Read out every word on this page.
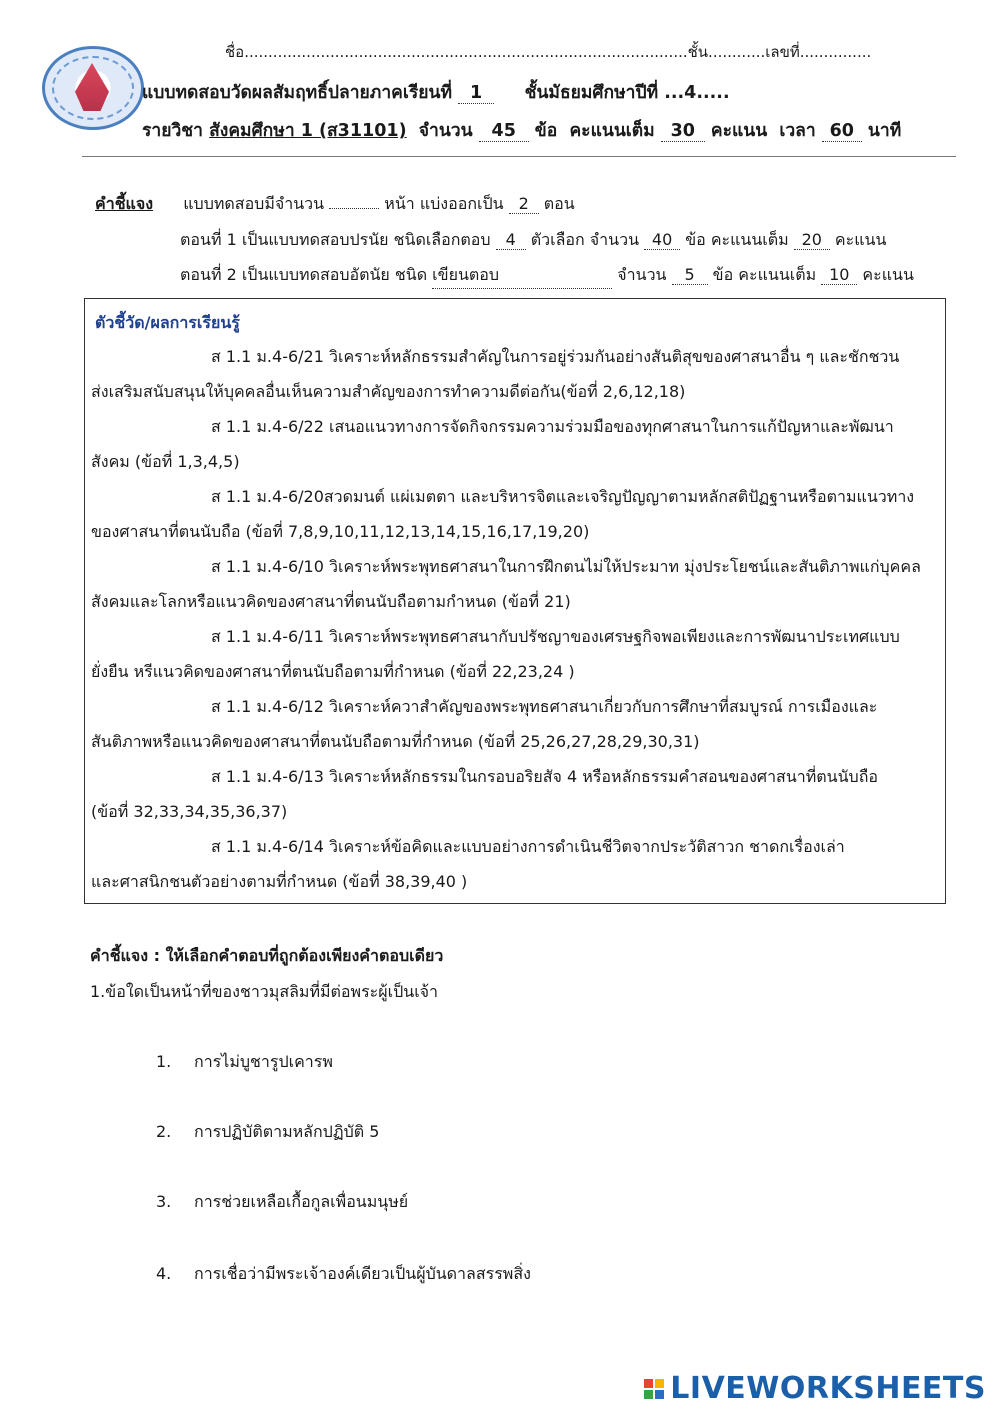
ชื่อ.............................................................................................ชั้น............เลขที่...............
แบบทดสอบวัดผลสัมฤทธิ์ปลายภาคเรียนที่ 1 ชั้นมัธยมศึกษาปีที่ ...4.....
รายวิชา สังคมศึกษา 1 (ส31101) จำนวน 45 ข้อ คะแนนเต็ม 30 คะแนน เวลา 60 นาที
คำชี้แจง แบบทดสอบมีจำนวน	หน้า แบ่งออกเป็น 2 ตอน
ตอนที่ 1 เป็นแบบทดสอบปรนัย ชนิดเลือกตอบ 4 ตัวเลือก จำนวน 40 ข้อ คะแนนเต็ม 20 คะแนน
ตอนที่ 2 เป็นแบบทดสอบอัตนัย ชนิด เขียนตอบ	จำนวน 5 ข้อ คะแนนเต็ม 10 คะแนน
ตัวชี้วัด/ผลการเรียนรู้
ส 1.1 ม.4-6/21 วิเคราะห์หลักธรรมสำคัญในการอยู่ร่วมกันอย่างสันติสุขของศาสนาอื่น ๆ และชักชวน
ส่งเสริมสนับสนุนให้บุคคลอื่นเห็นความสำคัญของการทำความดีต่อกัน(ข้อที่ 2,6,12,18)
ส 1.1 ม.4-6/22 เสนอแนวทางการจัดกิจกรรมความร่วมมือของทุกศาสนาในการแก้ปัญหาและพัฒนา
สังคม (ข้อที่ 1,3,4,5)
ส 1.1 ม.4-6/20สวดมนต์ แผ่เมตตา และบริหารจิตและเจริญปัญญาตามหลักสติปัฏฐานหรือตามแนวทาง
ของศาสนาที่ตนนับถือ (ข้อที่ 7,8,9,10,11,12,13,14,15,16,17,19,20)
ส 1.1 ม.4-6/10 วิเคราะห์พระพุทธศาสนาในการฝึกตนไม่ให้ประมาท มุ่งประโยชน์และสันติภาพแก่บุคคล
สังคมและโลกหรือแนวคิดของศาสนาที่ตนนับถือตามกำหนด (ข้อที่ 21)
ส 1.1 ม.4-6/11 วิเคราะห์พระพุทธศาสนากับปรัชญาของเศรษฐกิจพอเพียงและการพัฒนาประเทศแบบ
ยั่งยืน หรีแนวคิดของศาสนาที่ตนนับถือตามที่กำหนด (ข้อที่ 22,23,24 )
ส 1.1 ม.4-6/12 วิเคราะห์ควาสำคัญของพระพุทธศาสนาเกี่ยวกับการศึกษาที่สมบูรณ์ การเมืองและ
สันติภาพหรือแนวคิดของศาสนาที่ตนนับถือตามที่กำหนด (ข้อที่ 25,26,27,28,29,30,31)
ส 1.1 ม.4-6/13 วิเคราะห์หลักธรรมในกรอบอริยสัจ 4 หรือหลักธรรมคำสอนของศาสนาที่ตนนับถือ
(ข้อที่ 32,33,34,35,36,37)
ส 1.1 ม.4-6/14 วิเคราะห์ข้อคิดและแบบอย่างการดำเนินชีวิตจากประวัติสาวก ชาดกเรื่องเล่า
และศาสนิกชนตัวอย่างตามที่กำหนด (ข้อที่ 38,39,40 )
คำชี้แจง : ให้เลือกคำตอบที่ถูกต้องเพียงคำตอบเดียว
1.ข้อใดเป็นหน้าที่ของชาวมุสลิมที่มีต่อพระผู้เป็นเจ้า
1. การไม่บูชารูปเคารพ
2. การปฏิบัติตามหลักปฏิบัติ 5
3. การช่วยเหลือเกื้อกูลเพื่อนมนุษย์
4. การเชื่อว่ามีพระเจ้าองค์เดียวเป็นผู้บันดาลสรรพสิ่ง
LIVEWORKSHEETS
